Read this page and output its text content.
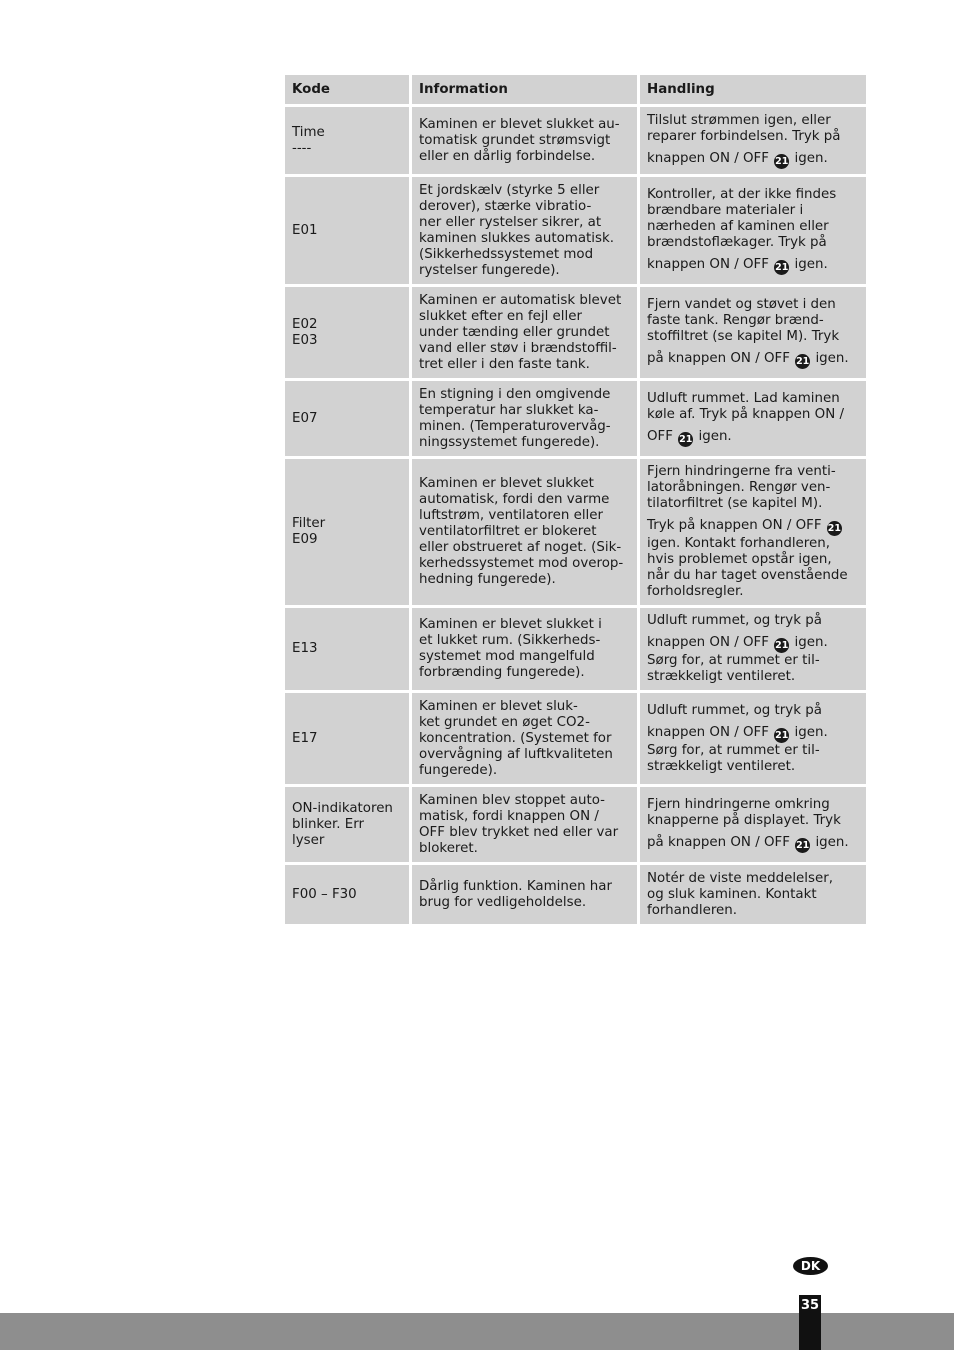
Kode	Information	Handling
Time
----
Kaminen er blevet slukket au-
tomatisk grundet strømsvigt
eller en dårlig forbindelse.
Tilslut strømmen igen, eller
reparer forbindelsen. Tryk på
knappen ON / OFF 21 igen.
E01
Et jordskælv (styrke 5 eller
derover), stærke vibratio-
ner eller rystelser sikrer, at
kaminen slukkes automatisk.
(Sikkerhedssystemet mod
rystelser fungerede).
Kontroller, at der ikke findes
brændbare materialer i
nærheden af kaminen eller
brændstoflækager. Tryk på
knappen ON / OFF 21 igen.
E02
E03
Kaminen er automatisk blevet
slukket efter en fejl eller
under tænding eller grundet
vand eller støv i brændstoffil-
tret eller i den faste tank.
Fjern vandet og støvet i den
faste tank. Rengør brænd-
stoffiltret (se kapitel M). Tryk
på knappen ON / OFF 21 igen.
E07
En stigning i den omgivende
temperatur har slukket ka-
minen. (Temperaturovervåg-
ningssystemet fungerede).
Udluft rummet. Lad kaminen
køle af. Tryk på knappen ON /
OFF 21 igen.
Filter
E09
Kaminen er blevet slukket
automatisk, fordi den varme
luftstrøm, ventilatoren eller
ventilatorfiltret er blokeret
eller obstrueret af noget. (Sik-
kerhedssystemet mod overop-
hedning fungerede).
Fjern hindringerne fra venti-
latoråbningen. Rengør ven-
tilatorfiltret (se kapitel M).
Tryk på knappen ON / OFF 21
igen. Kontakt forhandleren,
hvis problemet opstår igen,
når du har taget ovenstående
forholdsregler.
E13
Kaminen er blevet slukket i
et lukket rum. (Sikkerheds-
systemet mod mangelfuld
forbrænding fungerede).
Udluft rummet, og tryk på
knappen ON / OFF 21 igen.
Sørg for, at rummet er til-
strækkeligt ventileret.
E17
Kaminen er blevet sluk-
ket grundet en øget CO2-
koncentration. (Systemet for
overvågning af luftkvaliteten
fungerede).
Udluft rummet, og tryk på
knappen ON / OFF 21 igen.
Sørg for, at rummet er til-
strækkeligt ventileret.
ON-indikatoren
blinker. Err
lyser
Kaminen blev stoppet auto-
matisk, fordi knappen ON /
OFF blev trykket ned eller var
blokeret.
Fjern hindringerne omkring
knapperne på displayet. Tryk
på knappen ON / OFF 21 igen.
F00 – F30
Dårlig funktion. Kaminen har
brug for vedligeholdelse.
Notér de viste meddelelser,
og sluk kaminen. Kontakt
forhandleren.
DK
35
